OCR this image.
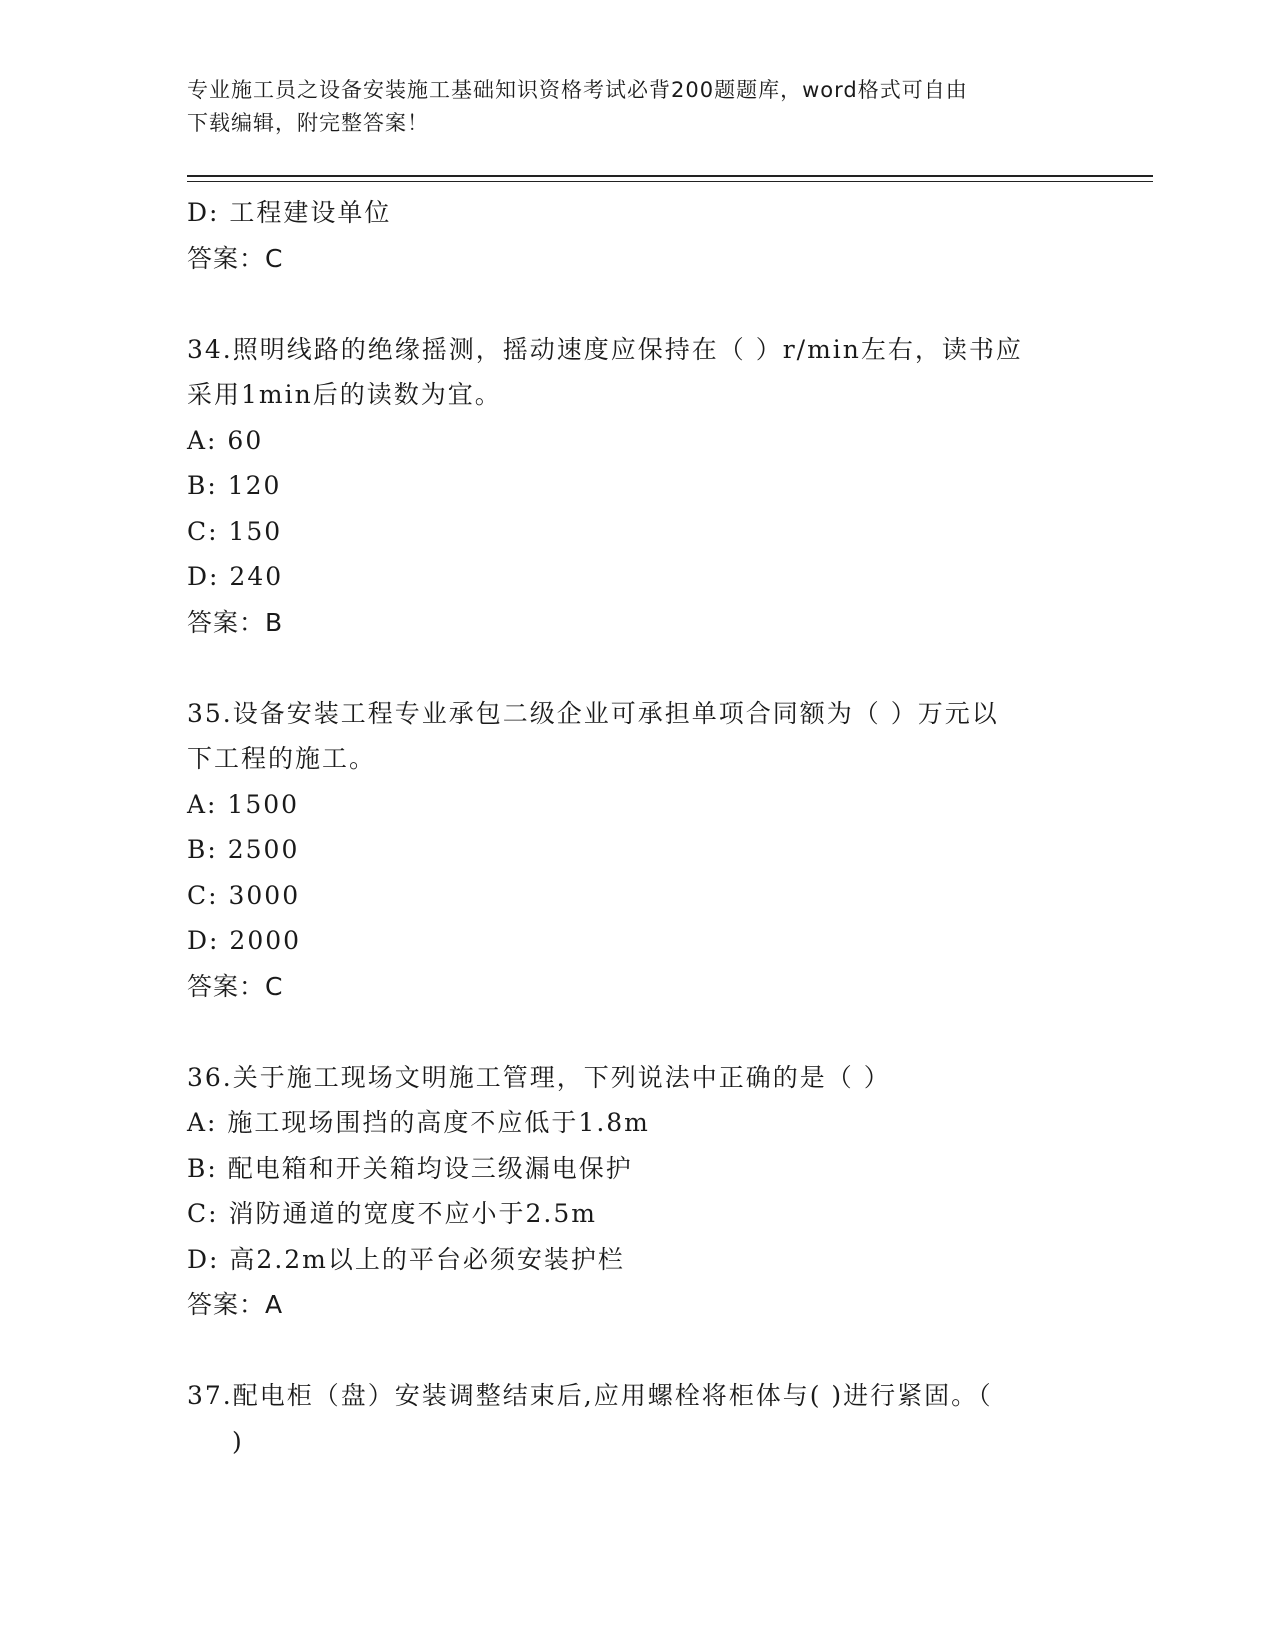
专业施工员之设备安装施工基础知识资格考试必背200题题库，word格式可自由
下载编辑，附完整答案！
D: 工程建设单位
答案：C
34.照明线路的绝缘摇测，摇动速度应保持在（ ）r/min左右，读书应
采用1min后的读数为宜。
A: 60
B: 120
C: 150
D: 240
答案：B
35.设备安装工程专业承包二级企业可承担单项合同额为（ ）万元以
下工程的施工。
A: 1500
B: 2500
C: 3000
D: 2000
答案：C
36.关于施工现场文明施工管理，下列说法中正确的是（ ）
A: 施工现场围挡的高度不应低于1.8m
B: 配电箱和开关箱均设三级漏电保护
C: 消防通道的宽度不应小于2.5m
D: 高2.2m以上的平台必须安装护栏
答案：A
37.配电柜（盘）安装调整结束后,应用螺栓将柜体与( )进行紧固。（
)
